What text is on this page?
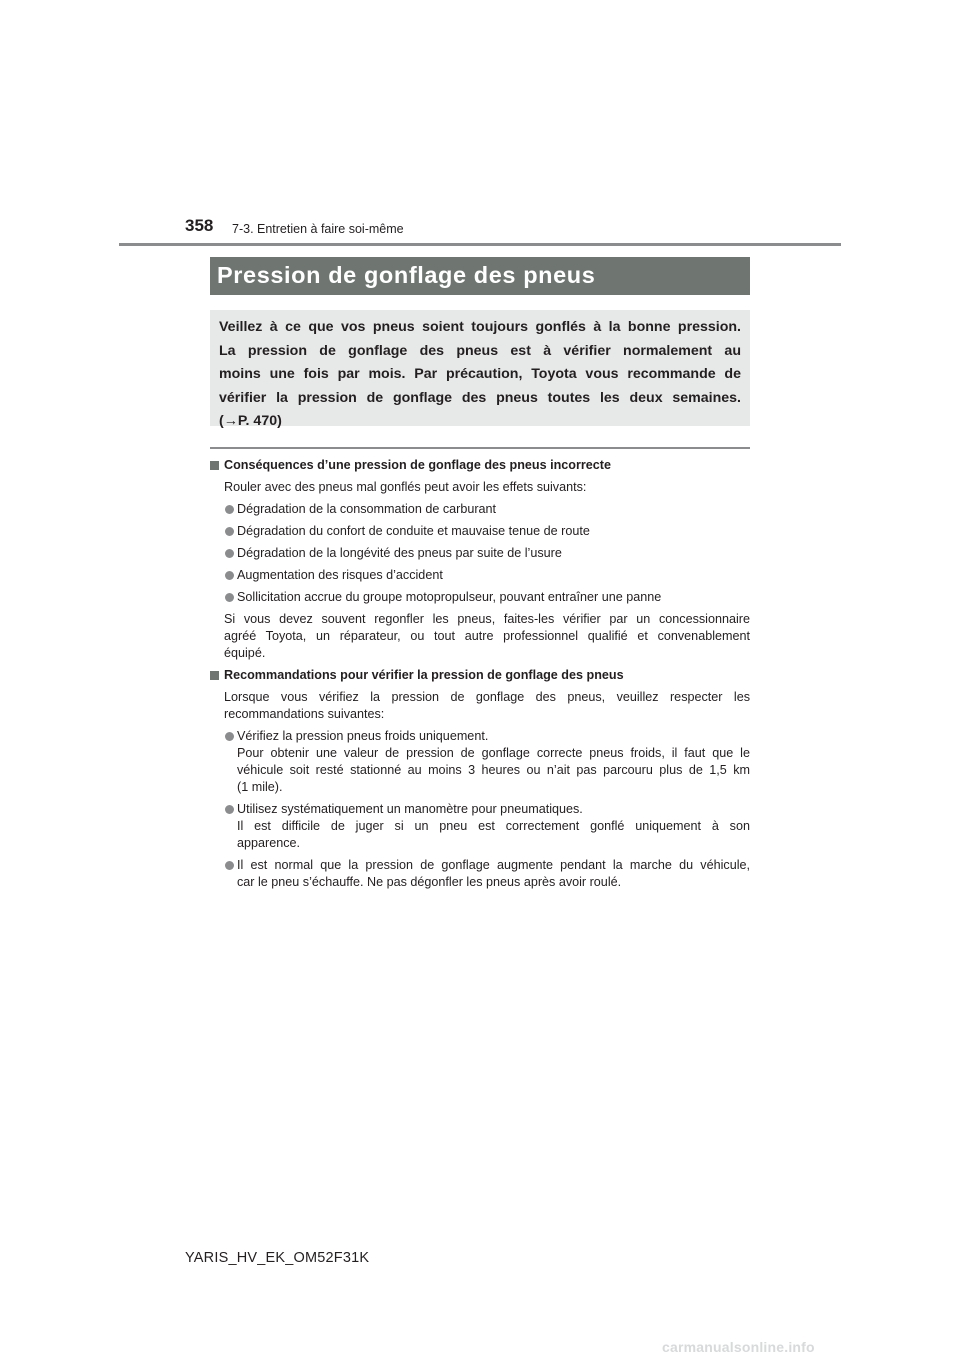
358 7-3. Entretien à faire soi-même
Pression de gonflage des pneus
Veillez à ce que vos pneus soient toujours gonflés à la bonne pression.
La pression de gonflage des pneus est à vérifier normalement au
moins une fois par mois. Par précaution, Toyota vous recommande de
vérifier la pression de gonflage des pneus toutes les deux semaines.
(→P. 470)
Conséquences d’une pression de gonflage des pneus incorrecte
Rouler avec des pneus mal gonflés peut avoir les effets suivants:
Dégradation de la consommation de carburant
Dégradation du confort de conduite et mauvaise tenue de route
Dégradation de la longévité des pneus par suite de l’usure
Augmentation des risques d’accident
Sollicitation accrue du groupe motopropulseur, pouvant entraîner une panne
Si vous devez souvent regonfler les pneus, faites-les vérifier par un concessionnaire
agréé Toyota, un réparateur, ou tout autre professionnel qualifié et convenablement
équipé.
Recommandations pour vérifier la pression de gonflage des pneus
Lorsque vous vérifiez la pression de gonflage des pneus, veuillez respecter les
recommandations suivantes:
Vérifiez la pression pneus froids uniquement.
Pour obtenir une valeur de pression de gonflage correcte pneus froids, il faut que le
véhicule soit resté stationné au moins 3 heures ou n’ait pas parcouru plus de 1,5 km
(1 mile).
Utilisez systématiquement un manomètre pour pneumatiques.
Il est difficile de juger si un pneu est correctement gonflé uniquement à son
apparence.
Il est normal que la pression de gonflage augmente pendant la marche du véhicule,
car le pneu s’échauffe. Ne pas dégonfler les pneus après avoir roulé.
YARIS_HV_EK_OM52F31K
carmanualsonline.info
